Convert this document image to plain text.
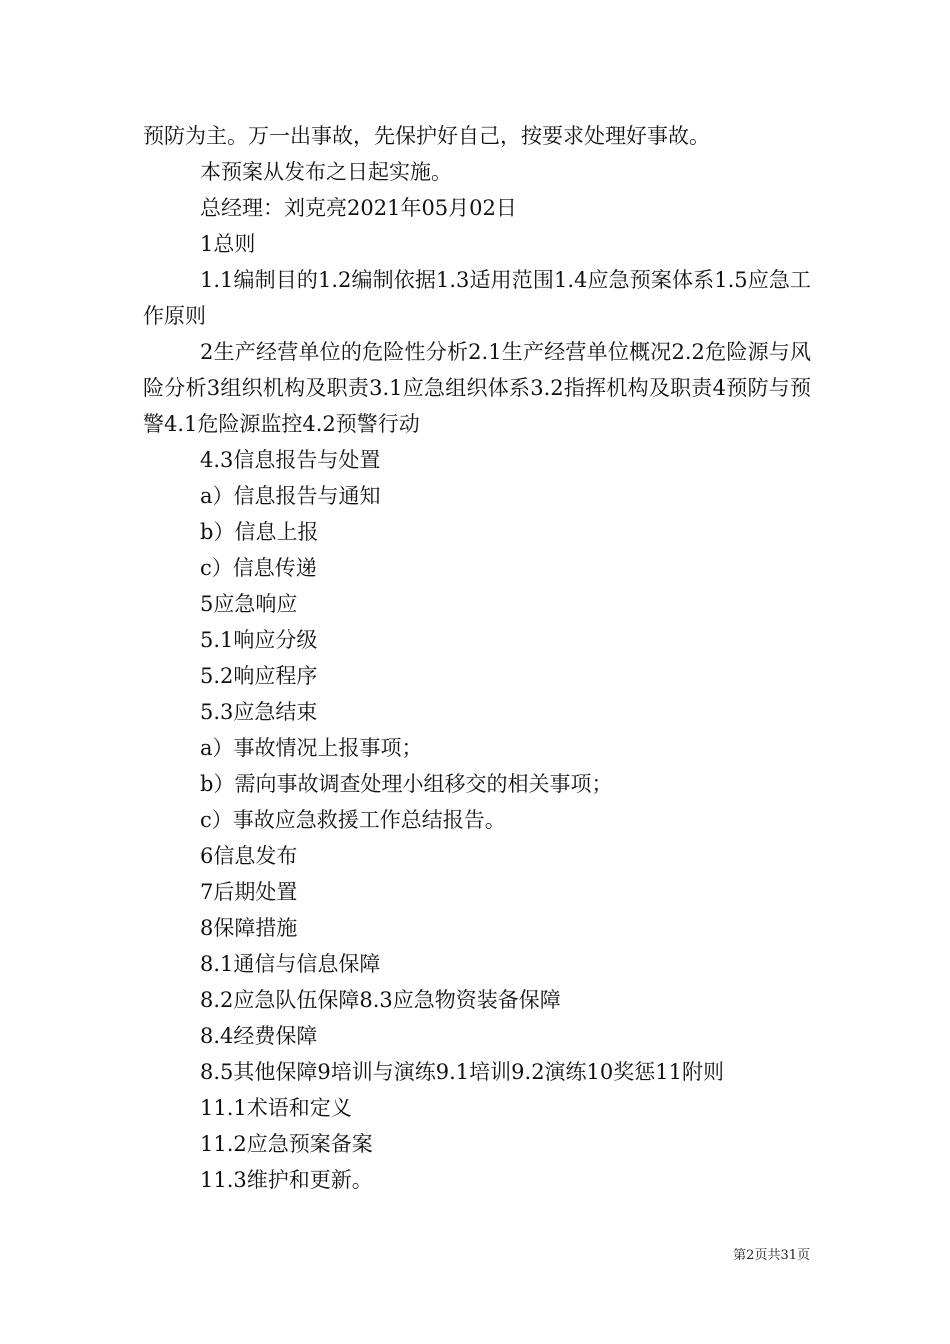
预防为主。万一出事故，先保护好自己，按要求处理好事故。

本预案从发布之日起实施。

总经理：刘克亮2021年05月02日

1总则

1.1编制目的1.2编制依据1.3适用范围1.4应急预案体系1.5应急工作原则

2生产经营单位的危险性分析2.1生产经营单位概况2.2危险源与风险分析3组织机构及职责3.1应急组织体系3.2指挥机构及职责4预防与预警4.1危险源监控4.2预警行动

4.3信息报告与处置

a）信息报告与通知

b）信息上报

c）信息传递

5应急响应

5.1响应分级

5.2响应程序

5.3应急结束

a）事故情况上报事项；

b）需向事故调查处理小组移交的相关事项；

c）事故应急救援工作总结报告。

6信息发布

7后期处置

8保障措施

8.1通信与信息保障

8.2应急队伍保障8.3应急物资装备保障

8.4经费保障

8.5其他保障9培训与演练9.1培训9.2演练10奖惩11附则

11.1术语和定义

11.2应急预案备案

11.3维护和更新。

第2页共31页
